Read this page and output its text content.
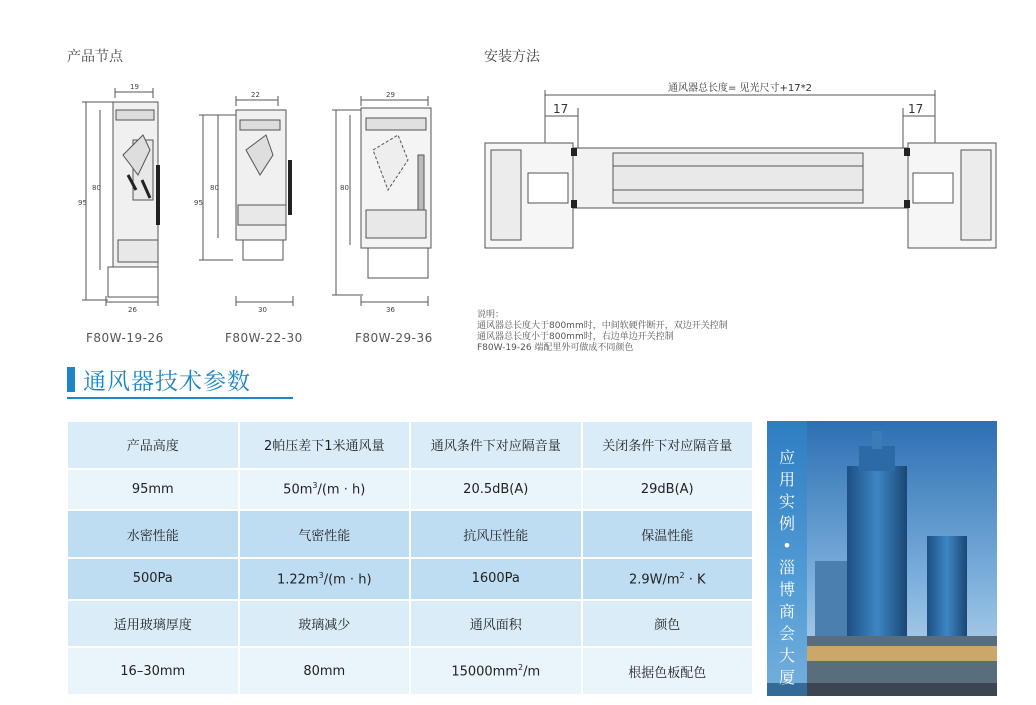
产品节点	安装方法
19
26
95
80
22
30
95
80
29
36
80
F80W-19-26	F80W-22-30	F80W-29-36
通风器总长度= 见光尺寸+17*2
17	17
说明：
通风器总长度大于800mm时，中间软硬件断开，双边开关控制
通风器总长度小于800mm时，右边单边开关控制
F80W-19-26 端配里外可做成不同颜色
通风器技术参数
产品高度	2帕压差下1米通风量	通风条件下对应隔音量	关闭条件下对应隔音量
95mm	$50m^3/(m \cdot h)$	20.5dB(A)	29dB(A)
水密性能	气密性能	抗风压性能	保温性能
500Pa	$1.22m^3/(m \cdot h)$	1600Pa	$2.9W/m^2 \cdot K$
适用玻璃厚度	玻璃减少	通风面积	颜色
16–30mm	80mm	$15000mm^2/m$	根据色板配色
应
用
实
例
•
淄
博
商
会
大
厦
